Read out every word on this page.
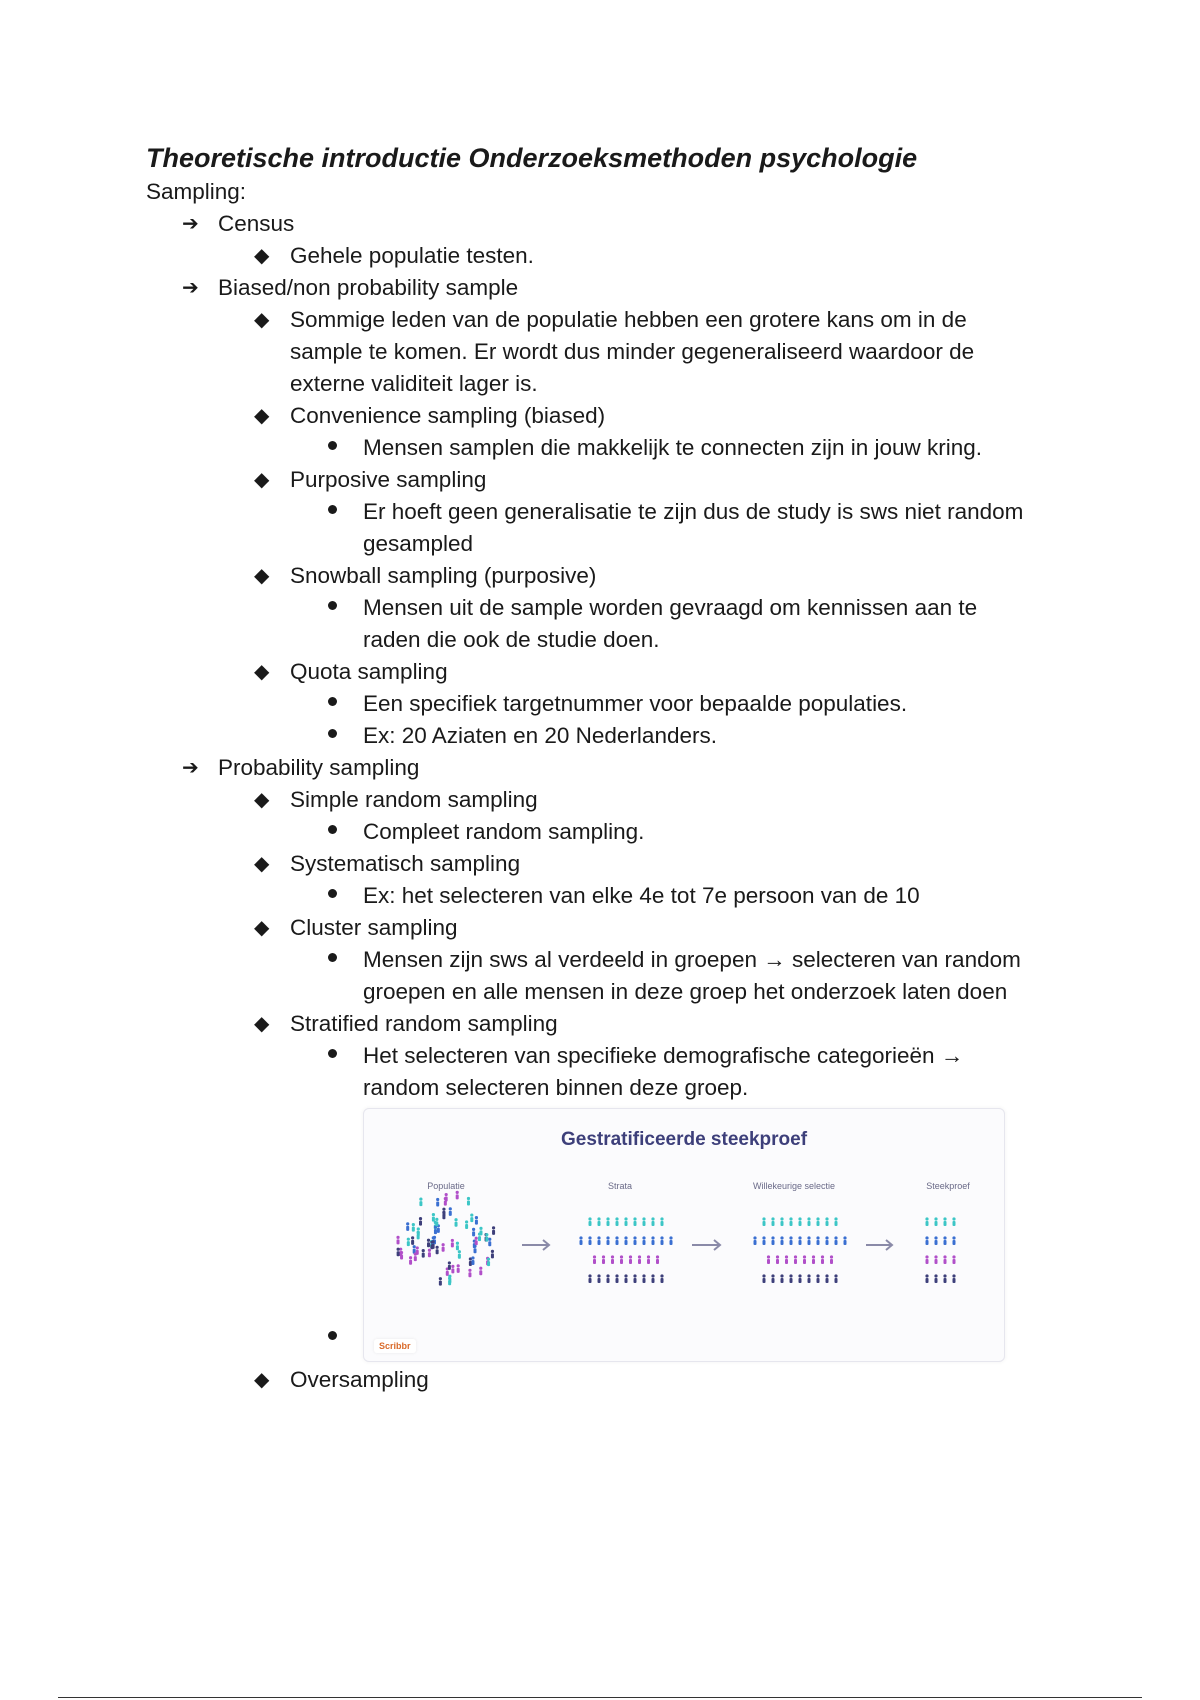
Theoretische introductie Onderzoeksmethoden psychologie
Sampling:
➔ Census
◆ Gehele populatie testen.
➔ Biased/non probability sample
◆ Sommige leden van de populatie hebben een grotere kans om in de
sample te komen. Er wordt dus minder gegeneraliseerd waardoor de
externe validiteit lager is.
◆ Convenience sampling (biased)
Mensen samplen die makkelijk te connecten zijn in jouw kring.
◆ Purposive sampling
Er hoeft geen generalisatie te zijn dus de study is sws niet random
gesampled
◆ Snowball sampling (purposive)
Mensen uit de sample worden gevraagd om kennissen aan te
raden die ook de studie doen.
◆ Quota sampling
Een specifiek targetnummer voor bepaalde populaties.
Ex: 20 Aziaten en 20 Nederlanders.
➔ Probability sampling
◆ Simple random sampling
Compleet random sampling.
◆ Systematisch sampling
Ex: het selecteren van elke 4e tot 7e persoon van de 10
◆ Cluster sampling
Mensen zijn sws al verdeeld in groepen → selecteren van random
groepen en alle mensen in deze groep het onderzoek laten doen
◆ Stratified random sampling
Het selecteren van specifieke demografische categorieën →
random selecteren binnen deze groep.
Gestratificeerde steekproef
Populatie	Strata	Willekeurige selectie	Steekproef
Scribbr
◆ Oversampling
